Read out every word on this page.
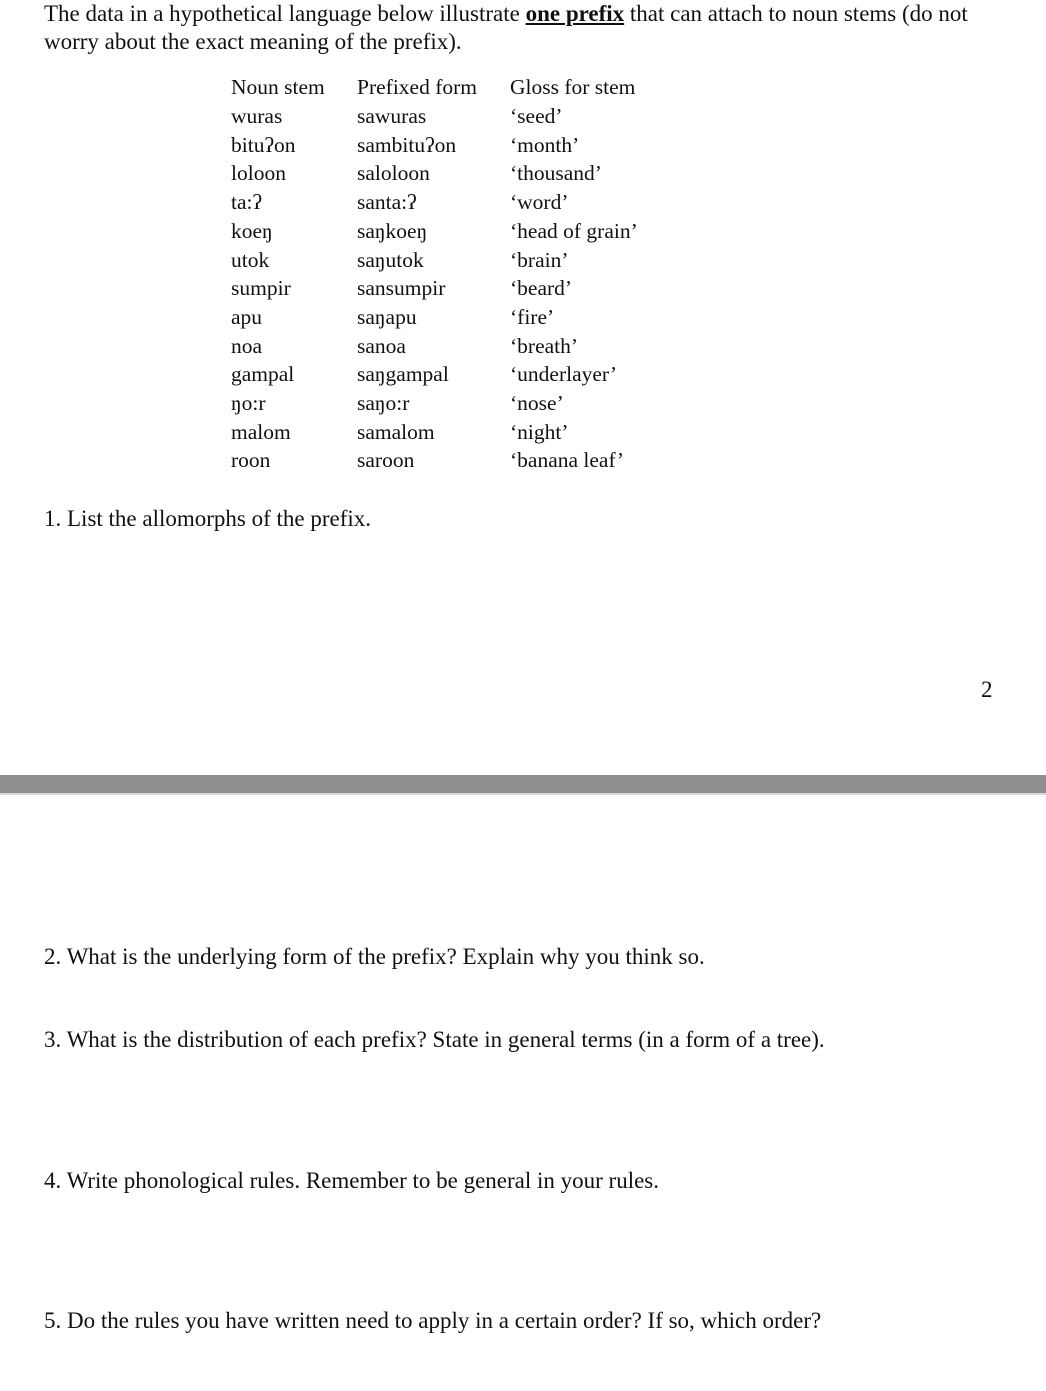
The data in a hypothetical language below illustrate one prefix that can attach to noun stems (do not worry about the exact meaning of the prefix).

Noun stem	Prefixed form	Gloss for stem
wuras	sawuras	‘seed’
bituʔon	sambituʔon	‘month’
loloon	saloloon	‘thousand’
ta:ʔ	santa:ʔ	‘word’
koeŋ	saŋkoeŋ	‘head of grain’
utok	saŋutok	‘brain’
sumpir	sansumpir	‘beard’
apu	saŋapu	‘fire’
noa	sanoa	‘breath’
gampal	saŋgampal	‘underlayer’
ŋo:r	saŋo:r	‘nose’
malom	samalom	‘night’
roon	saroon	‘banana leaf’

1. List the allomorphs of the prefix.

2

2. What is the underlying form of the prefix? Explain why you think so.

3. What is the distribution of each prefix? State in general terms (in a form of a tree).

4. Write phonological rules. Remember to be general in your rules.

5. Do the rules you have written need to apply in a certain order? If so, which order?
